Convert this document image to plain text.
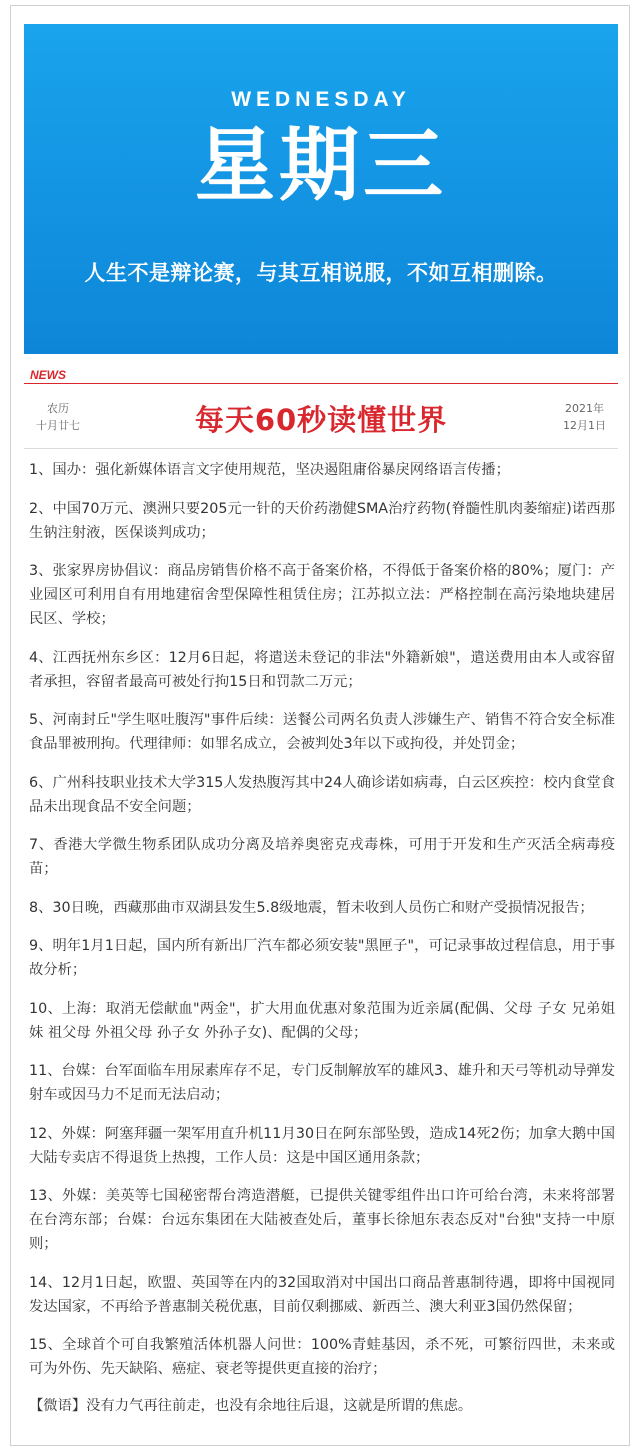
WEDNESDAY
星期三
人生不是辩论赛，与其互相说服，不如互相删除。
NEWS
农历
十月廿七	每天60秒读懂世界	2021年
12月1日

1、国办：强化新媒体语言文字使用规范，坚决遏阻庸俗暴戾网络语言传播；

2、中国70万元、澳洲只要205元一针的天价药渤健SMA治疗药物(脊髓性肌肉萎缩症)诺西那生钠注射液，医保谈判成功；

3、张家界房协倡议：商品房销售价格不高于备案价格，不得低于备案价格的80%；厦门：产业园区可利用自有用地建宿舍型保障性租赁住房；江苏拟立法：严格控制在高污染地块建居民区、学校；

4、江西抚州东乡区：12月6日起，将遣送未登记的非法"外籍新娘"，遣送费用由本人或容留者承担，容留者最高可被处行拘15日和罚款二万元；

5、河南封丘"学生呕吐腹泻"事件后续：送餐公司两名负责人涉嫌生产、销售不符合安全标准食品罪被刑拘。代理律师：如罪名成立，会被判处3年以下或拘役，并处罚金；

6、广州科技职业技术大学315人发热腹泻其中24人确诊诺如病毒，白云区疾控：校内食堂食品未出现食品不安全问题；

7、香港大学微生物系团队成功分离及培养奥密克戎毒株，可用于开发和生产灭活全病毒疫苗；

8、30日晚，西藏那曲市双湖县发生5.8级地震，暂未收到人员伤亡和财产受损情况报告；

9、明年1月1日起，国内所有新出厂汽车都必须安装"黑匣子"，可记录事故过程信息，用于事故分析；

10、上海：取消无偿献血"两金"，扩大用血优惠对象范围为近亲属(配偶、父母 子女 兄弟姐妹 祖父母 外祖父母 孙子女 外孙子女)、配偶的父母；

11、台媒：台军面临车用尿素库存不足，专门反制解放军的雄风3、雄升和天弓等机动导弹发射车或因马力不足而无法启动；

12、外媒：阿塞拜疆一架军用直升机11月30日在阿东部坠毁，造成14死2伤；加拿大鹅中国大陆专卖店不得退货上热搜，工作人员：这是中国区通用条款；

13、外媒：美英等七国秘密帮台湾造潜艇，已提供关键零组件出口许可给台湾，未来将部署在台湾东部；台媒：台远东集团在大陆被查处后，董事长徐旭东表态反对"台独"支持一中原则；

14、12月1日起，欧盟、英国等在内的32国取消对中国出口商品普惠制待遇，即将中国视同发达国家，不再给予普惠制关税优惠，目前仅剩挪威、新西兰、澳大利亚3国仍然保留；

15、全球首个可自我繁殖活体机器人问世：100%青蛙基因，杀不死，可繁衍四世，未来或可为外伤、先天缺陷、癌症、衰老等提供更直接的治疗；

【微语】没有力气再往前走，也没有余地往后退，这就是所谓的焦虑。
